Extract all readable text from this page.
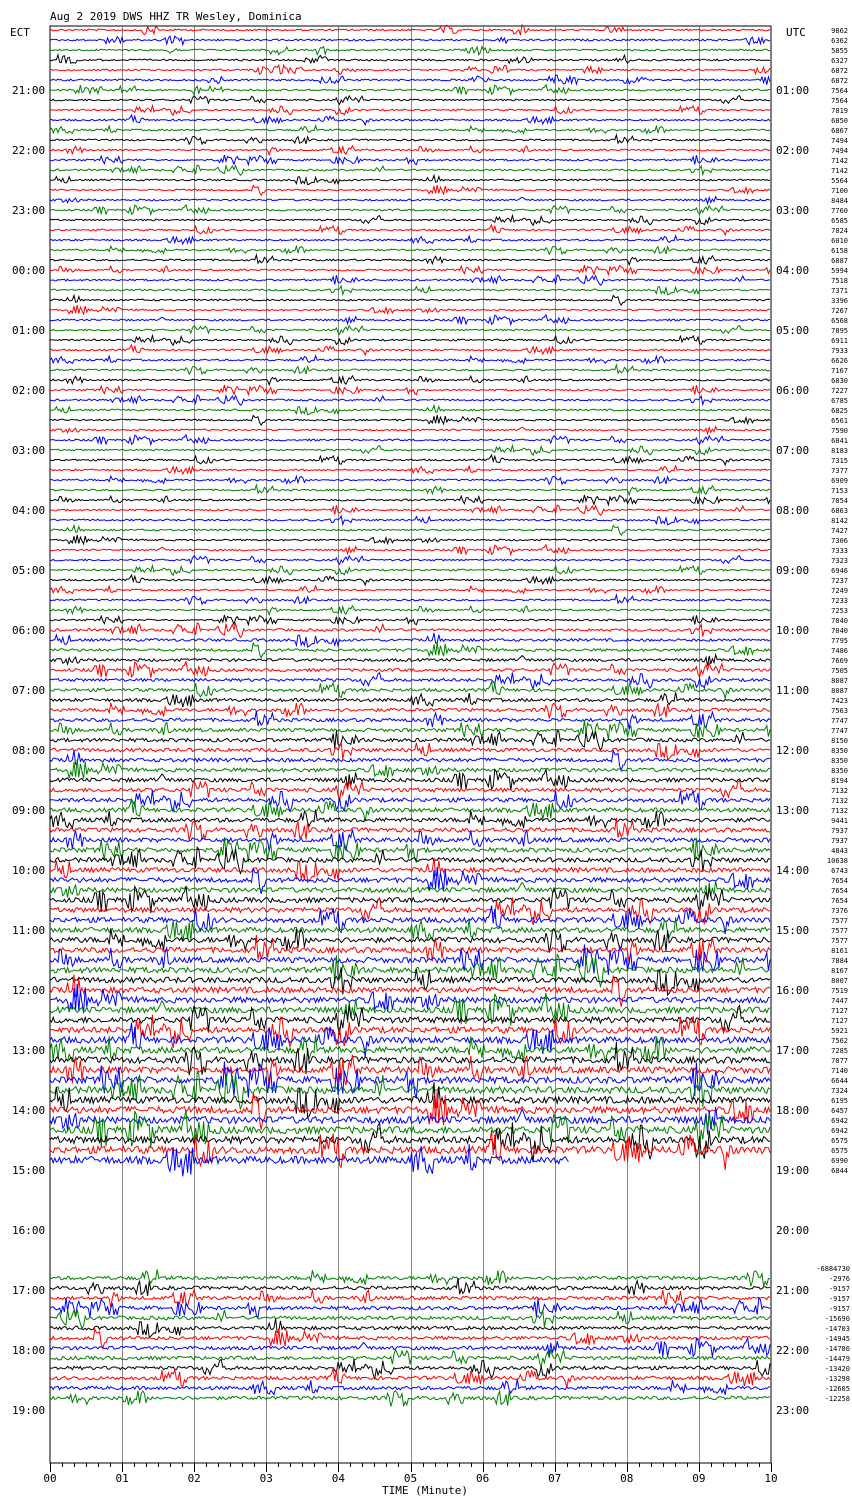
Aug 2 2019 DWS HHZ TR Wesley, Dominica
ECT	UTC
21:00
22:00
23:00
00:00
01:00
02:00
03:00
04:00
05:00
06:00
07:00
08:00
09:00
10:00
11:00
12:00
13:00
14:00
15:00
16:00
17:00
18:00
19:00
01:00
02:00
03:00
04:00
05:00
06:00
07:00
08:00
09:00
10:00
11:00
12:00
13:00
14:00
15:00
16:00
17:00
18:00
19:00
20:00
21:00
22:00
23:00
9862
6362
5855
6327
6872
6872
7564
7564
7819
6850
6867
7494
7494
7142
7142
5564
7100
8484
7760
6585
7824
6010
6158
6887
5994
7518
7371
3396
7267
6568
7895
6911
7933
6626
7167
6830
7227
6785
6825
6561
7590
6841
8183
7315
7377
6909
7153
7054
6863
8142
7427
7306
7333
7323
6946
7237
7249
7233
7253
7040
7040
7795
7486
7669
7505
8087
8087
7423
7563
7747
7747
8150
8350
8350
8350
8194
7132
7132
7132
9441
7937
7937
4843
10638
6743
7654
7654
7654
7376
7577
7577
7577
8161
7884
8167
8007
7519
7447
7127
7127
5921
7562
7285
7077
7140
6644
7324
6195
6457
6942
6942
6575
6575
6990
6844
-6884730
-2976
-9157
-9157
-9157
-15690
-14703
-14945
-14786
-14479
-13420
-13298
-12605
-12258
00	01	02	03	04	05	06	07	08	09	10
TIME (Minute)
